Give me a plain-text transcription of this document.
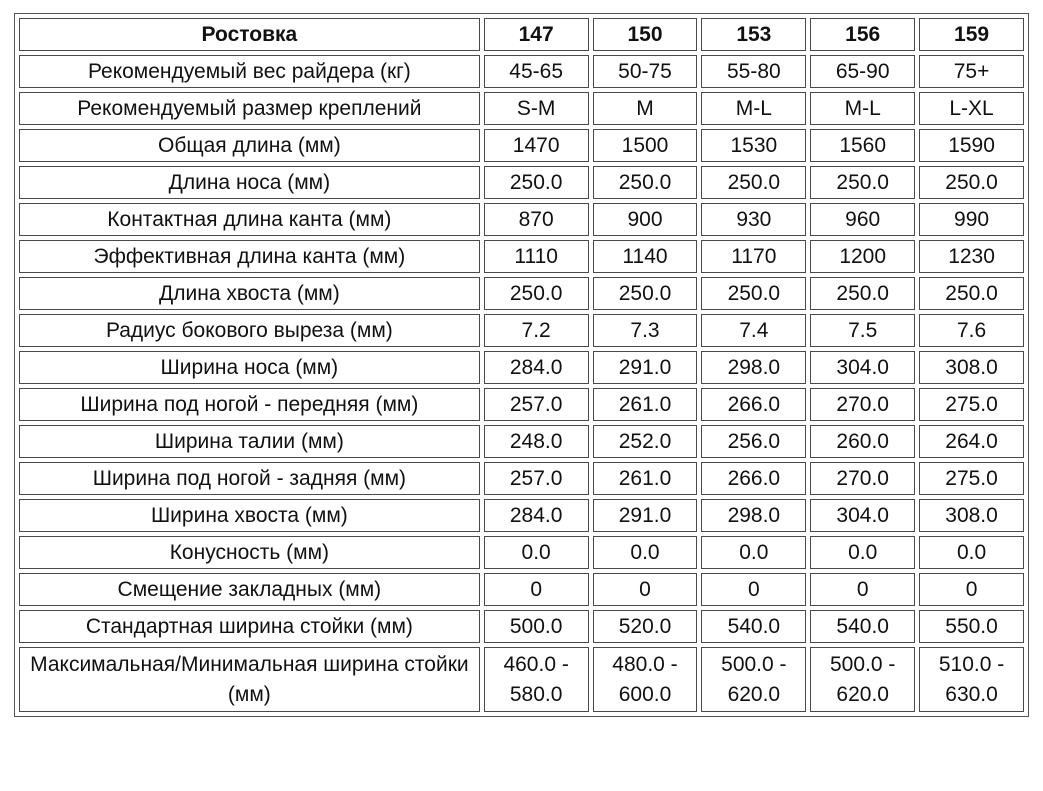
Ростовка	147	150	153	156	159
Рекомендуемый вес райдера (кг)	45-65	50-75	55-80	65-90	75+
Рекомендуемый размер креплений	S-M	M	M-L	M-L	L-XL
Общая длина (мм)	1470	1500	1530	1560	1590
Длина носа (мм)	250.0	250.0	250.0	250.0	250.0
Контактная длина канта (мм)	870	900	930	960	990
Эффективная длина канта (мм)	1110	1140	1170	1200	1230
Длина хвоста (мм)	250.0	250.0	250.0	250.0	250.0
Радиус бокового выреза (мм)	7.2	7.3	7.4	7.5	7.6
Ширина носа (мм)	284.0	291.0	298.0	304.0	308.0
Ширина под ногой - передняя (мм)	257.0	261.0	266.0	270.0	275.0
Ширина талии (мм)	248.0	252.0	256.0	260.0	264.0
Ширина под ногой - задняя (мм)	257.0	261.0	266.0	270.0	275.0
Ширина хвоста (мм)	284.0	291.0	298.0	304.0	308.0
Конусность (мм)	0.0	0.0	0.0	0.0	0.0
Смещение закладных (мм)	0	0	0	0	0
Стандартная ширина стойки (мм)	500.0	520.0	540.0	540.0	550.0
Максимальная/Минимальная ширина стойки (мм)	460.0 - 580.0	480.0 - 600.0	500.0 - 620.0	500.0 - 620.0	510.0 - 630.0
